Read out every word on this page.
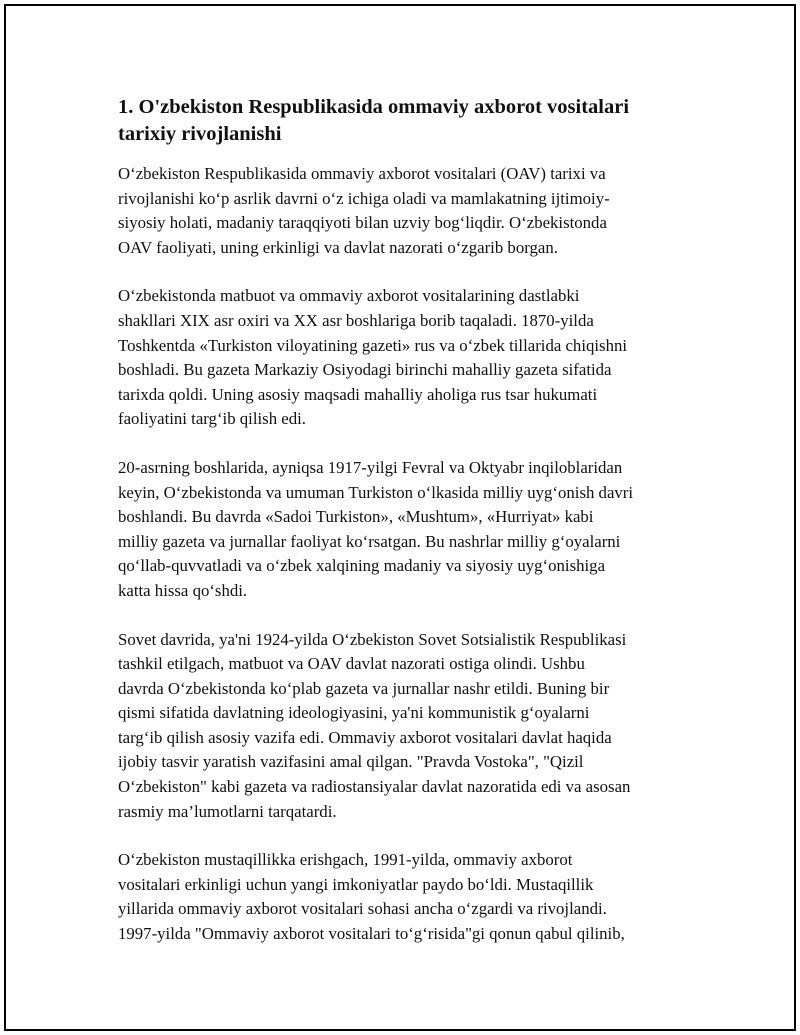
1. O'zbekiston Respublikasida ommaviy axborot vositalari
tarixiy rivojlanishi

O‘zbekiston Respublikasida ommaviy axborot vositalari (OAV) tarixi va
rivojlanishi ko‘p asrlik davrni o‘z ichiga oladi va mamlakatning ijtimoiy-
siyosiy holati, madaniy taraqqiyoti bilan uzviy bog‘liqdir. O‘zbekistonda
OAV faoliyati, uning erkinligi va davlat nazorati o‘zgarib borgan.

O‘zbekistonda matbuot va ommaviy axborot vositalarining dastlabki
shakllari XIX asr oxiri va XX asr boshlariga borib taqaladi. 1870-yilda
Toshkentda «Turkiston viloyatining gazeti» rus va o‘zbek tillarida chiqishni
boshladi. Bu gazeta Markaziy Osiyodagi birinchi mahalliy gazeta sifatida
tarixda qoldi. Uning asosiy maqsadi mahalliy aholiga rus tsar hukumati
faoliyatini targ‘ib qilish edi.

20-asrning boshlarida, ayniqsa 1917-yilgi Fevral va Oktyabr inqiloblaridan
keyin, O‘zbekistonda va umuman Turkiston o‘lkasida milliy uyg‘onish davri
boshlandi. Bu davrda «Sadoi Turkiston», «Mushtum», «Hurriyat» kabi
milliy gazeta va jurnallar faoliyat ko‘rsatgan. Bu nashrlar milliy g‘oyalarni
qo‘llab-quvvatladi va o‘zbek xalqining madaniy va siyosiy uyg‘onishiga
katta hissa qo‘shdi.

Sovet davrida, ya'ni 1924-yilda O‘zbekiston Sovet Sotsialistik Respublikasi
tashkil etilgach, matbuot va OAV davlat nazorati ostiga olindi. Ushbu
davrda O‘zbekistonda ko‘plab gazeta va jurnallar nashr etildi. Buning bir
qismi sifatida davlatning ideologiyasini, ya'ni kommunistik g‘oyalarni
targ‘ib qilish asosiy vazifa edi. Ommaviy axborot vositalari davlat haqida
ijobiy tasvir yaratish vazifasini amal qilgan. "Pravda Vostoka", "Qizil
O‘zbekiston" kabi gazeta va radiostansiyalar davlat nazoratida edi va asosan
rasmiy ma’lumotlarni tarqatardi.

O‘zbekiston mustaqillikka erishgach, 1991-yilda, ommaviy axborot
vositalari erkinligi uchun yangi imkoniyatlar paydo bo‘ldi. Mustaqillik
yillarida ommaviy axborot vositalari sohasi ancha o‘zgardi va rivojlandi.
1997-yilda "Ommaviy axborot vositalari to‘g‘risida"gi qonun qabul qilinib,
